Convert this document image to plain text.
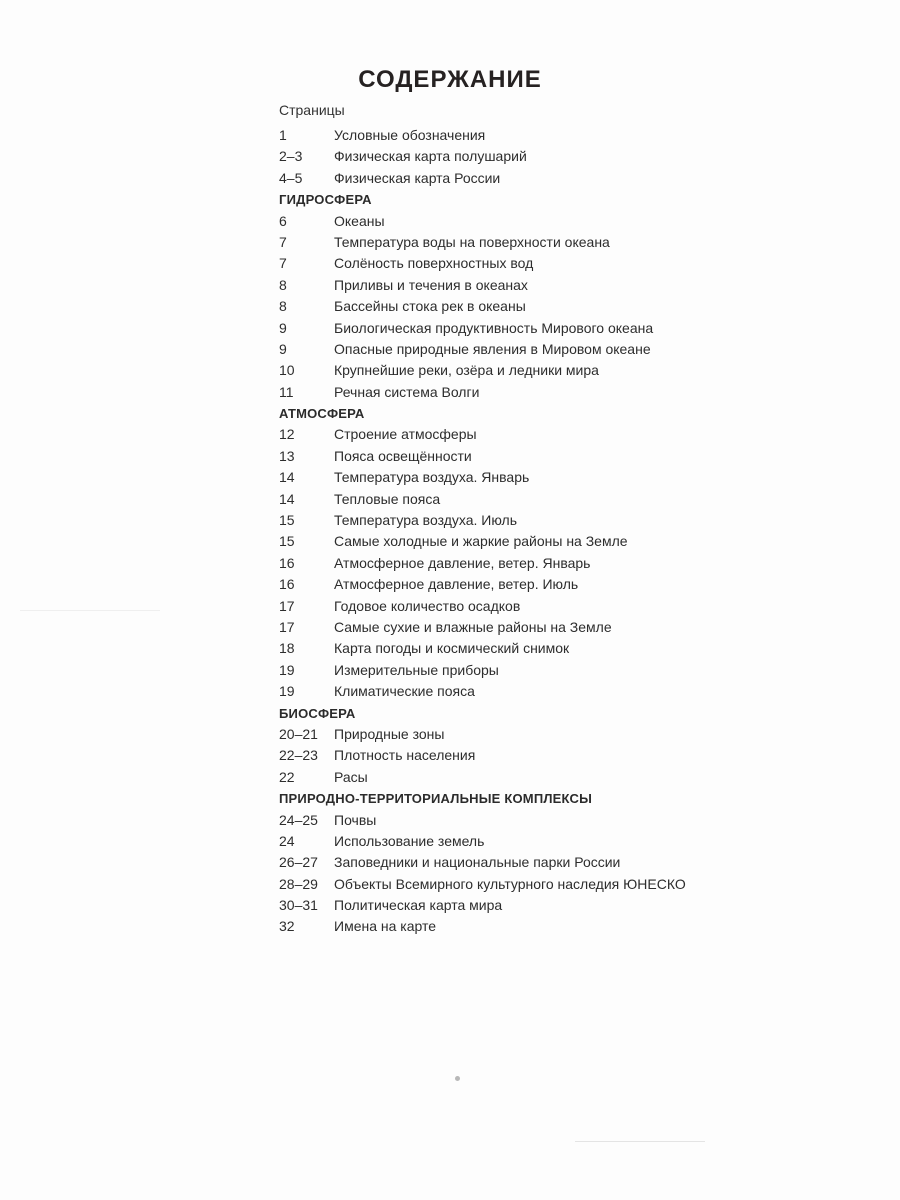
СОДЕРЖАНИЕ
Страницы
1	Условные обозначения
2–3	Физическая карта полушарий
4–5	Физическая карта России
ГИДРОСФЕРА
6	Океаны
7	Температура воды на поверхности океана
7	Солёность поверхностных вод
8	Приливы и течения в океанах
8	Бассейны стока рек в океаны
9	Биологическая продуктивность Мирового океана
9	Опасные природные явления в Мировом океане
10	Крупнейшие реки, озёра и ледники мира
11	Речная система Волги
АТМОСФЕРА
12	Строение атмосферы
13	Пояса освещённости
14	Температура воздуха. Январь
14	Тепловые пояса
15	Температура воздуха. Июль
15	Самые холодные и жаркие районы на Земле
16	Атмосферное давление, ветер. Январь
16	Атмосферное давление, ветер. Июль
17	Годовое количество осадков
17	Самые сухие и влажные районы на Земле
18	Карта погоды и космический снимок
19	Измерительные приборы
19	Климатические пояса
БИОСФЕРА
20–21	Природные зоны
22–23	Плотность населения
22	Расы
ПРИРОДНО-ТЕРРИТОРИАЛЬНЫЕ КОМПЛЕКСЫ
24–25	Почвы
24	Использование земель
26–27	Заповедники и национальные парки России
28–29	Объекты Всемирного культурного наследия ЮНЕСКО
30–31	Политическая карта мира
32	Имена на карте
